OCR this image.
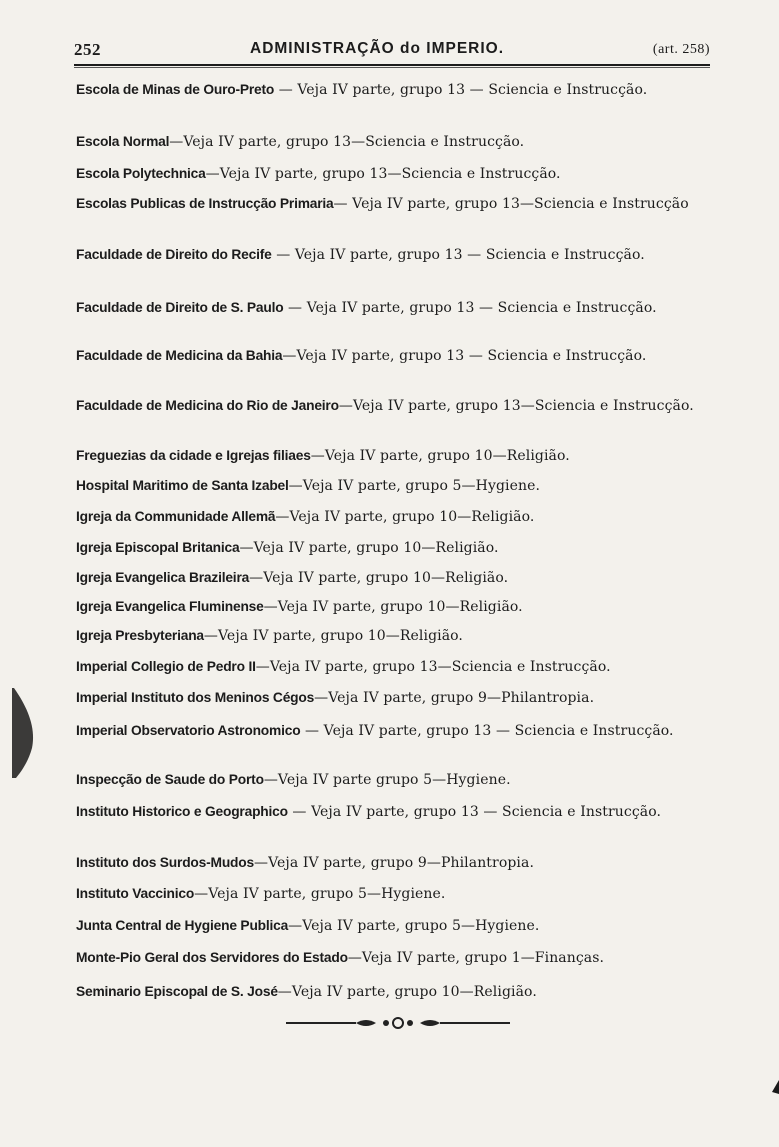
252	ADMINISTRAÇÃO do IMPERIO.	(art. 258)
Escola de Minas de Ouro-Preto — Veja IV parte, grupo 13 — Sciencia e Instrucção.
Escola Normal—Veja IV parte, grupo 13—Sciencia e Instrucção.
Escola Polytechnica—Veja IV parte, grupo 13—Sciencia e Instrucção.
Escolas Publicas de Instrucção Primaria— Veja IV parte, grupo 13—Sciencia e Instrucção
Faculdade de Direito do Recife — Veja IV parte, grupo 13 — Sciencia e Instrucção.
Faculdade de Direito de S. Paulo — Veja IV parte, grupo 13 — Sciencia e Instrucção.
Faculdade de Medicina da Bahia—Veja IV parte, grupo 13 — Sciencia e Instrucção.
Faculdade de Medicina do Rio de Janeiro—Veja IV parte, grupo 13—Sciencia e Instrucção.
Freguezias da cidade e Igrejas filiaes—Veja IV parte, grupo 10—Religião.
Hospital Maritimo de Santa Izabel—Veja IV parte, grupo 5—Hygiene.
Igreja da Communidade Allemã—Veja IV parte, grupo 10—Religião.
Igreja Episcopal Britanica—Veja IV parte, grupo 10—Religião.
Igreja Evangelica Brazileira—Veja IV parte, grupo 10—Religião.
Igreja Evangelica Fluminense—Veja IV parte, grupo 10—Religião.
Igreja Presbyteriana—Veja IV parte, grupo 10—Religião.
Imperial Collegio de Pedro II—Veja IV parte, grupo 13—Sciencia e Instrucção.
Imperial Instituto dos Meninos Cégos—Veja IV parte, grupo 9—Philantropia.
Imperial Observatorio Astronomico — Veja IV parte, grupo 13 — Sciencia e Instrucção.
Inspecção de Saude do Porto—Veja IV parte grupo 5—Hygiene.
Instituto Historico e Geographico — Veja IV parte, grupo 13 — Sciencia e Instrucção.
Instituto dos Surdos-Mudos—Veja IV parte, grupo 9—Philantropia.
Instituto Vaccinico—Veja IV parte, grupo 5—Hygiene.
Junta Central de Hygiene Publica—Veja IV parte, grupo 5—Hygiene.
Monte-Pio Geral dos Servidores do Estado—Veja IV parte, grupo 1—Finanças.
Seminario Episcopal de S. José—Veja IV parte, grupo 10—Religião.
